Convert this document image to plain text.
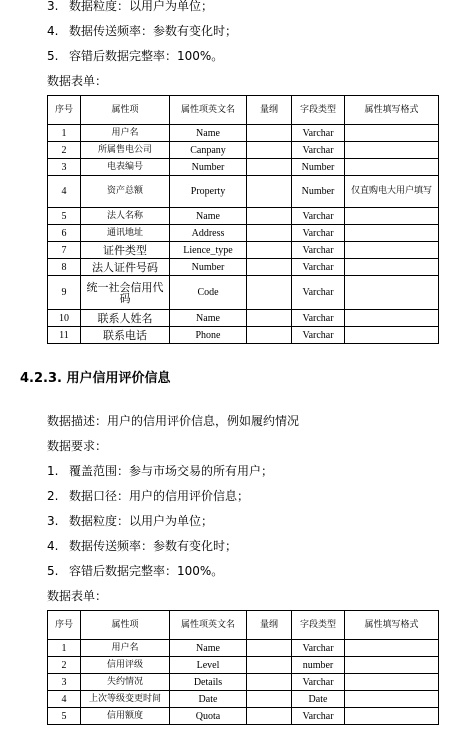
3. 数据粒度：以用户为单位；
4. 数据传送频率：参数有变化时；
5. 容错后数据完整率：100%。
数据表单：
序号	属性项	属性项英文名	量纲	字段类型	属性填写格式
1	用户名	Name		Varchar	
2	所属售电公司	Canpany		Varchar	
3	电表编号	Number		Number	
4	资产总额	Property		Number	仅直购电大用户填写
5	法人名称	Name		Varchar	
6	通讯地址	Address		Varchar	
7	证件类型	Lience_type		Varchar	
8	法人证件号码	Number		Varchar	
9	统一社会信用代码	Code		Varchar	
10	联系人姓名	Name		Varchar	
11	联系电话	Phone		Varchar	
4.2.3. 用户信用评价信息
数据描述：用户的信用评价信息，例如履约情况
数据要求：
1. 覆盖范围：参与市场交易的所有用户；
2. 数据口径：用户的信用评价信息；
3. 数据粒度：以用户为单位；
4. 数据传送频率：参数有变化时；
5. 容错后数据完整率：100%。
数据表单：
序号	属性项	属性项英文名	量纲	字段类型	属性填写格式
1	用户名	Name		Varchar	
2	信用评级	Level		number	
3	失约情况	Details		Varchar	
4	上次等级变更时间	Date		Date	
5	信用额度	Quota		Varchar	
